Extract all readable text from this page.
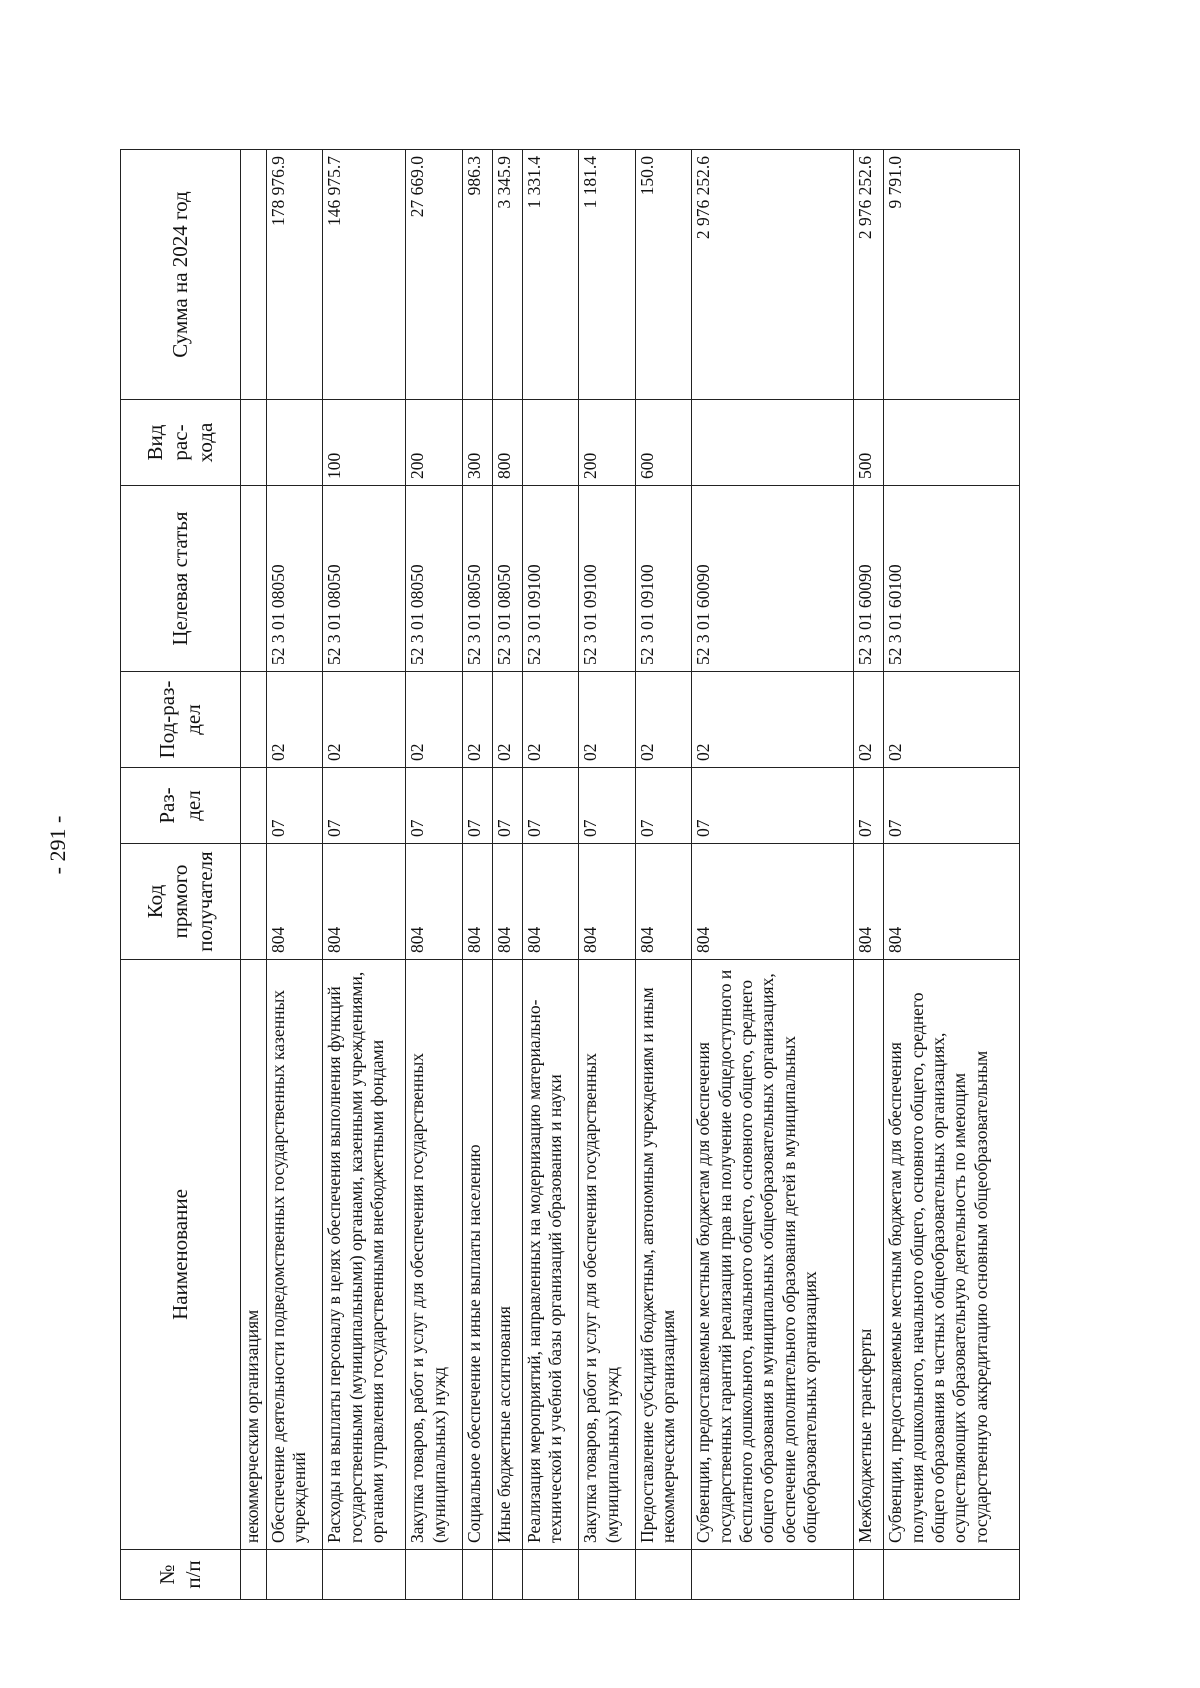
- 291 -
№ п/п	Наименование	Код прямого получателя	Раз-дел	Под-раз-дел	Целевая статья	Вид рас-хода	Сумма на 2024 год
	некоммерческим организациям						
	Обеспечение деятельности подведомственных государственных казенных учреждений	804	07	02	52 3 01 08050		178 976.9
	Расходы на выплаты персоналу в целях обеспечения выполнения функций государственными (муниципальными) органами, казенными учреждениями, органами управления государственными внебюджетными фондами	804	07	02	52 3 01 08050	100	146 975.7
	Закупка товаров, работ и услуг для обеспечения государственных (муниципальных) нужд	804	07	02	52 3 01 08050	200	27 669.0
	Социальное обеспечение и иные выплаты населению	804	07	02	52 3 01 08050	300	986.3
	Иные бюджетные ассигнования	804	07	02	52 3 01 08050	800	3 345.9
	Реализация мероприятий, направленных на модернизацию материально-технической и учебной базы организаций образования и науки	804	07	02	52 3 01 09100		1 331.4
	Закупка товаров, работ и услуг для обеспечения государственных (муниципальных) нужд	804	07	02	52 3 01 09100	200	1 181.4
	Предоставление субсидий бюджетным, автономным учреждениям и иным некоммерческим организациям	804	07	02	52 3 01 09100	600	150.0
	Субвенции, предоставляемые местным бюджетам для обеспечения государственных гарантий реализации прав на получение общедоступного и бесплатного дошкольного, начального общего, основного общего, среднего общего образования в муниципальных общеобразовательных организациях, обеспечение дополнительного образования детей в муниципальных общеобразовательных организациях	804	07	02	52 3 01 60090		2 976 252.6
	Межбюджетные трансферты	804	07	02	52 3 01 60090	500	2 976 252.6
	Субвенции, предоставляемые местным бюджетам для обеспечения получения дошкольного, начального общего, основного общего, среднего общего образования в частных общеобразовательных организациях, осуществляющих образовательную деятельность по имеющим государственную аккредитацию основным общеобразовательным	804	07	02	52 3 01 60100		9 791.0
